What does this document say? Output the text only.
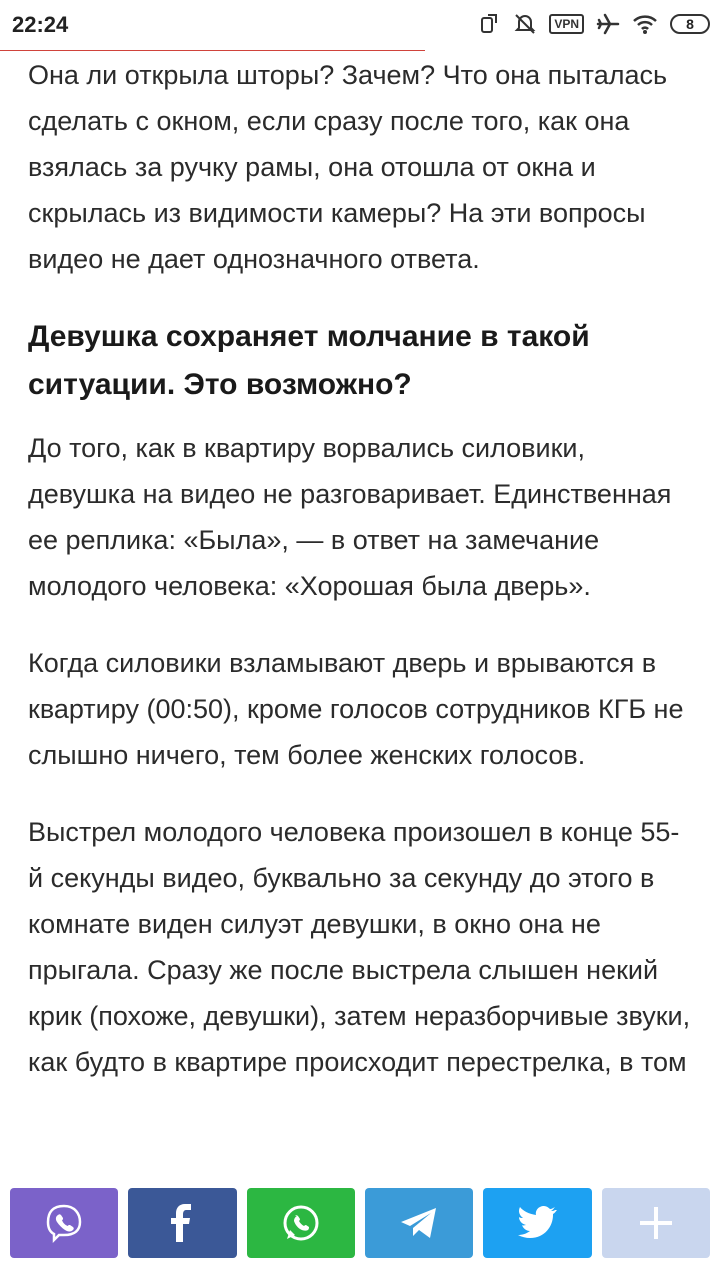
22:24	VPN	8

Она ли открыла шторы? Зачем? Что она пыталась сделать с окном, если сразу после того, как она взялась за ручку рамы, она отошла от окна и скрылась из видимости камеры? На эти вопросы видео не дает однозначного ответа.

Девушка сохраняет молчание в такой ситуации. Это возможно?

До того, как в квартиру ворвались силовики, девушка на видео не разговаривает. Единственная ее реплика: «Была», — в ответ на замечание молодого человека: «Хорошая была дверь».

Когда силовики взламывают дверь и врываются в квартиру (00:50), кроме голосов сотрудников КГБ не слышно ничего, тем более женских голосов.

Выстрел молодого человека произошел в конце 55-й секунды видео, буквально за секунду до этого в комнате виден силуэт девушки, в окно она не прыгала. Сразу же после выстрела слышен некий крик (похоже, девушки), затем неразборчивые звуки, как будто в квартире происходит перестрелка, в том
